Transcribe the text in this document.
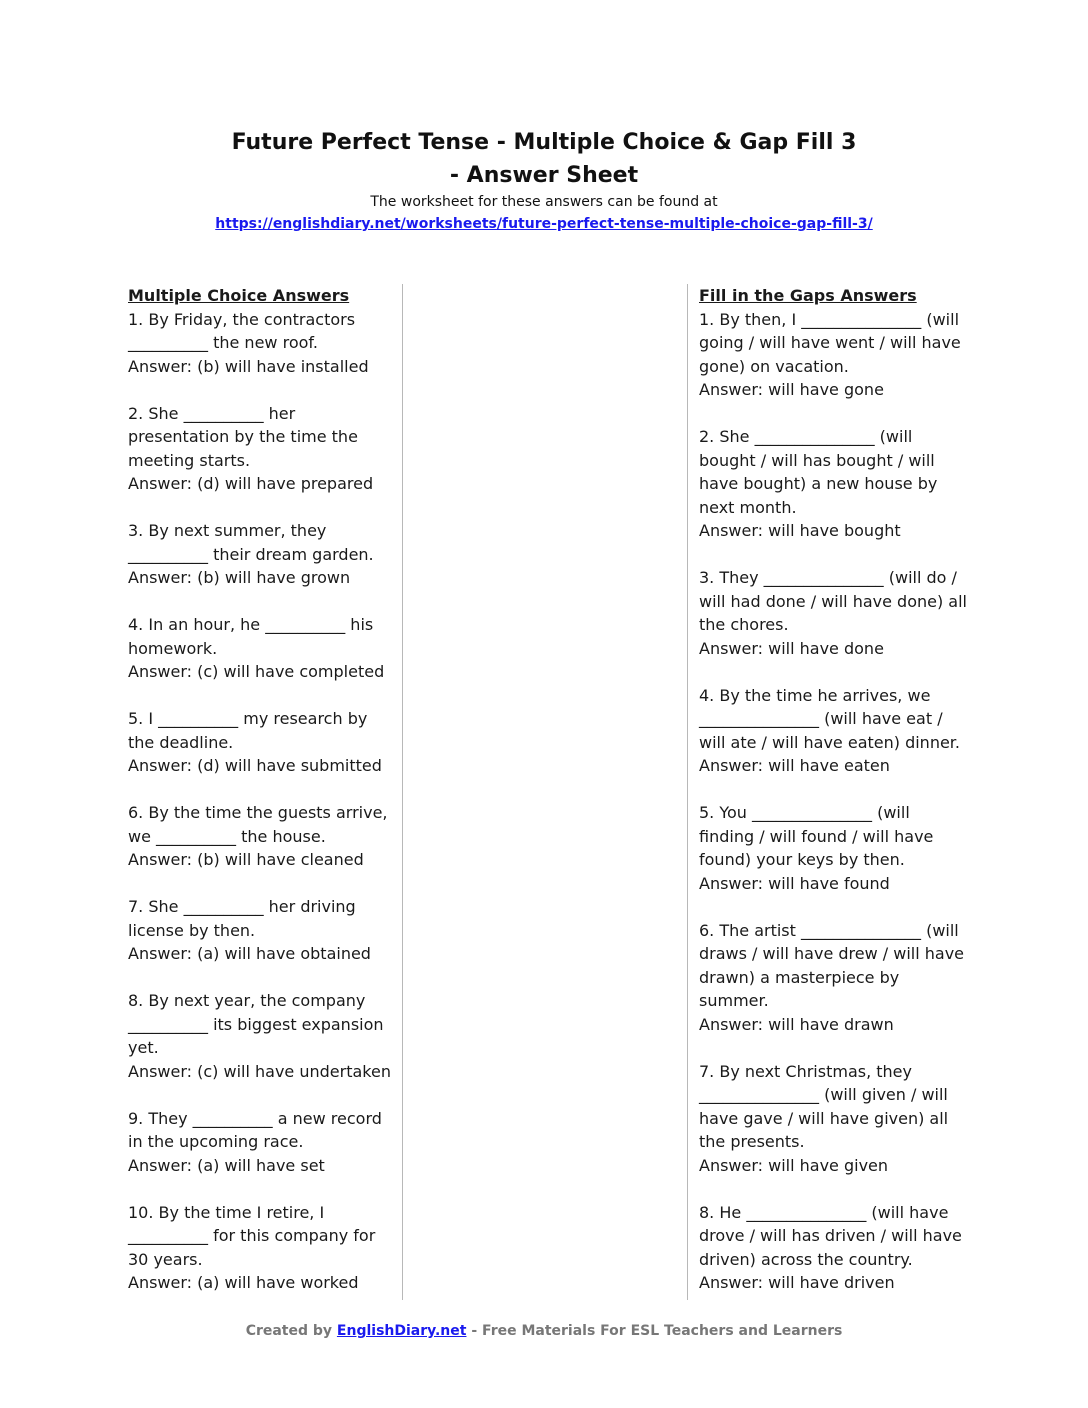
Future Perfect Tense - Multiple Choice & Gap Fill 3
- Answer Sheet
The worksheet for these answers can be found at
https://englishdiary.net/worksheets/future-perfect-tense-multiple-choice-gap-fill-3/
Multiple Choice Answers

1. By Friday, the contractors __________ the new roof.

Answer: (b) will have installed

2. She __________ her presentation by the time the meeting starts.

Answer: (d) will have prepared

3. By next summer, they __________ their dream garden.

Answer: (b) will have grown

4. In an hour, he __________ his homework.

Answer: (c) will have completed

5. I __________ my research by the deadline.

Answer: (d) will have submitted

6. By the time the guests arrive, we __________ the house.

Answer: (b) will have cleaned

7. She __________ her driving license by then.

Answer: (a) will have obtained

8. By next year, the company __________ its biggest expansion yet.

Answer: (c) will have undertaken

9. They __________ a new record in the upcoming race.

Answer: (a) will have set

10. By the time I retire, I __________ for this company for 30 years.

Answer: (a) will have worked

Fill in the Gaps Answers

1. By then, I _______________ (will going / will have went / will have gone) on vacation.

Answer: will have gone

2. She _______________ (will bought / will has bought / will have bought) a new house by next month.

Answer: will have bought

3. They _______________ (will do / will had done / will have done) all the chores.

Answer: will have done

4. By the time he arrives, we _______________ (will have eat / will ate / will have eaten) dinner.

Answer: will have eaten

5. You _______________ (will finding / will found / will have found) your keys by then.

Answer: will have found

6. The artist _______________ (will draws / will have drew / will have drawn) a masterpiece by summer.

Answer: will have drawn

7. By next Christmas, they _______________ (will given / will have gave / will have given) all the presents.

Answer: will have given

8. He _______________ (will have drove / will has driven / will have driven) across the country.

Answer: will have driven

Created by EnglishDiary.net - Free Materials For ESL Teachers and Learners
